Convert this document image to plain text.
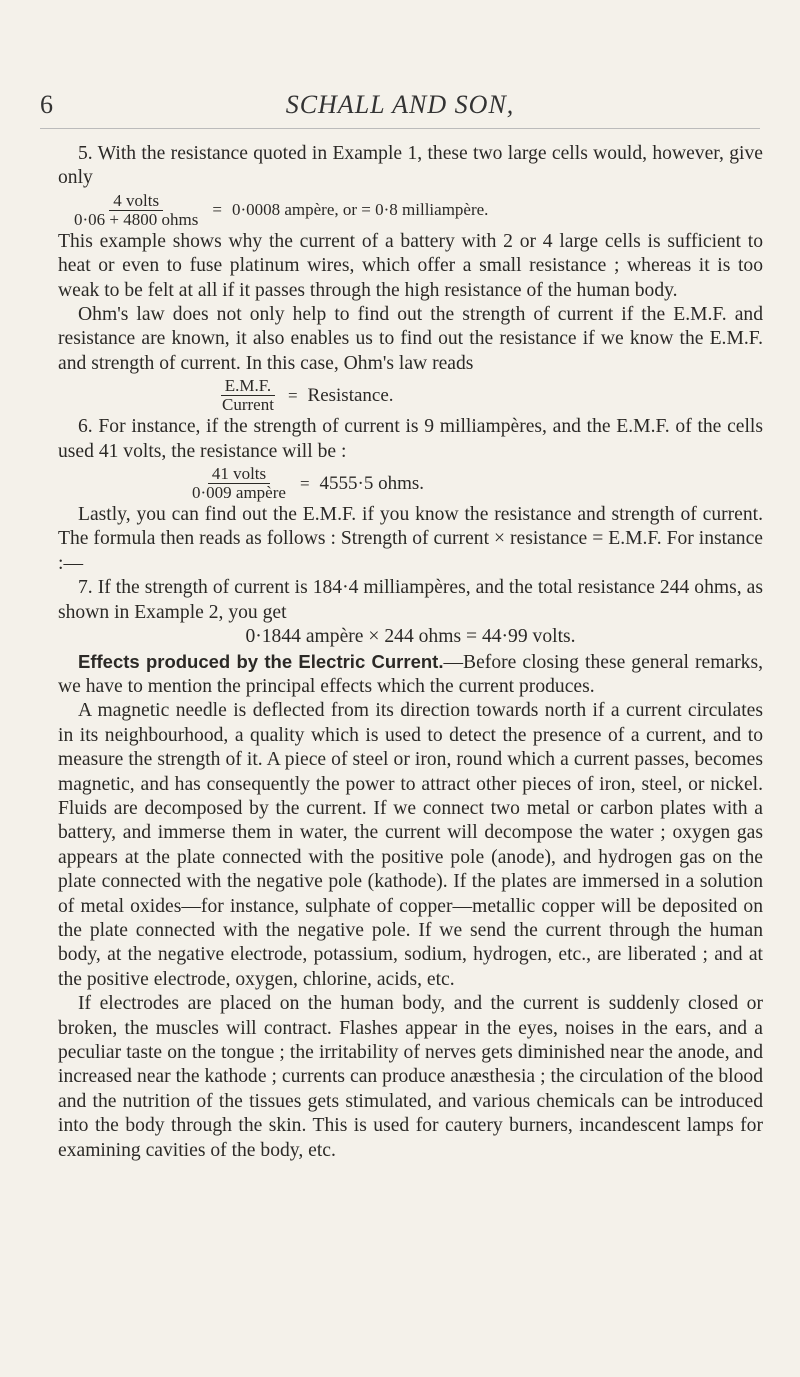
6	SCHALL AND SON,

5. With the resistance quoted in Example 1, these two large cells would, however, give only

$\frac{\text{4 volts}}{\text{0·06 + 4800 ohms}} = 0\cdot 0008$ ampère, or = 0·8 milliampère.

This example shows why the current of a battery with 2 or 4 large cells is sufficient to heat or even to fuse platinum wires, which offer a small resistance ; whereas it is too weak to be felt at all if it passes through the high resistance of the human body.

Ohm's law does not only help to find out the strength of current if the E.M.F. and resistance are known, it also enables us to find out the resistance if we know the E.M.F. and strength of current. In this case, Ohm's law reads

$\frac{E.M.F.}{\text{Current}}$ = Resistance.

6. For instance, if the strength of current is 9 milliampères, and the E.M.F. of the cells used 41 volts, the resistance will be :

$\frac{\text{41 volts}}{\text{0·009 ampère}} = 4555\cdot 5$ ohms.

Lastly, you can find out the E.M.F. if you know the resistance and strength of current. The formula then reads as follows : Strength of current × resistance = E.M.F. For instance :—

7. If the strength of current is 184·4 milliampères, and the total resistance 244 ohms, as shown in Example 2, you get

0·1844 ampère × 244 ohms = 44·99 volts.

Effects produced by the Electric Current.—Before closing these general remarks, we have to mention the principal effects which the current produces.

A magnetic needle is deflected from its direction towards north if a current circulates in its neighbourhood, a quality which is used to detect the presence of a current, and to measure the strength of it. A piece of steel or iron, round which a current passes, becomes magnetic, and has consequently the power to attract other pieces of iron, steel, or nickel. Fluids are decomposed by the current. If we connect two metal or carbon plates with a battery, and immerse them in water, the current will decompose the water ; oxygen gas appears at the plate connected with the positive pole (anode), and hydrogen gas on the plate connected with the negative pole (kathode). If the plates are immersed in a solution of metal oxides—for instance, sulphate of copper—metallic copper will be deposited on the plate connected with the negative pole. If we send the current through the human body, at the negative electrode, potassium, sodium, hydrogen, etc., are liberated ; and at the positive electrode, oxygen, chlorine, acids, etc.

If electrodes are placed on the human body, and the current is suddenly closed or broken, the muscles will contract. Flashes appear in the eyes, noises in the ears, and a peculiar taste on the tongue ; the irritability of nerves gets diminished near the anode, and increased near the kathode ; currents can produce anæsthesia ; the circulation of the blood and the nutrition of the tissues gets stimulated, and various chemicals can be introduced into the body through the skin. This is used for cautery burners, incandescent lamps for examining cavities of the body, etc.
